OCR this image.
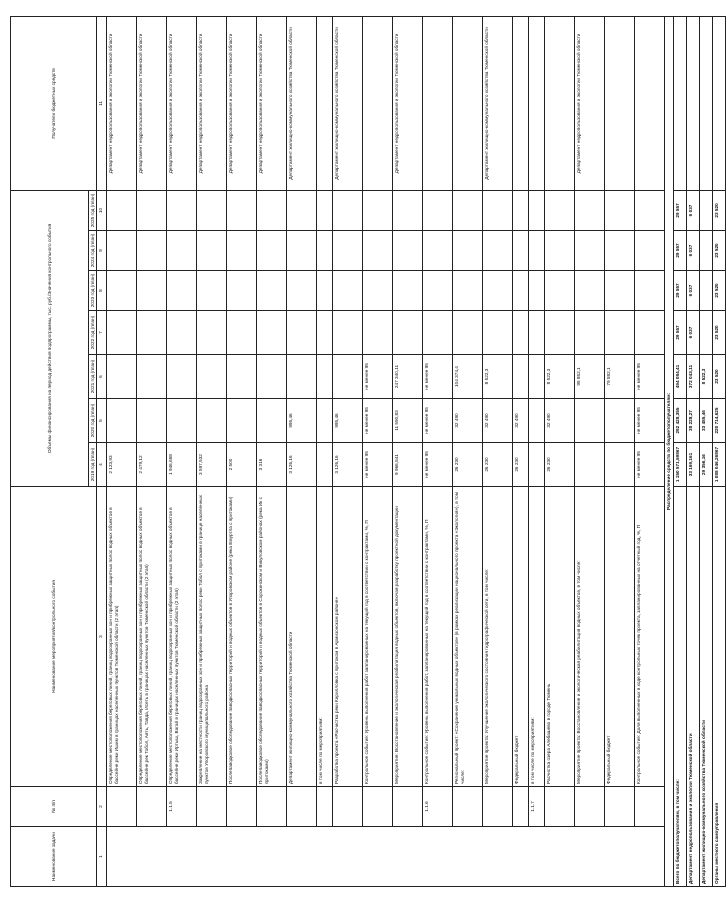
Наименование задачи	№ п/п	Наименование мероприятия/контрольного события	Объемы финансирования на период действия подпрограммы, тыс. руб./Значения контрольного события							Получатели бюджетных средств
			2019 год (план)	2020 год (план)	2021 год (план)	2022 год (план)	2023 год (план)	2024 год (план)	2025 год (план)	
1	2	3	4	5	6	7	8	9	10	11
		Определение местоположения береговых линий, границ водоохранных зон и прибрежных защитных полос водных объектов в бассейне реки Ишим в границах населенных пунктов Тюменской области (2 этап)	2 123,93							Департамент недропользования и экологии Тюменской области
		Определение местоположения береговых линий, границ водоохранных зон и прибрежных защитных полос водных объектов в бассейне рек Тобол, Аять, Тавда, Исеть в границах населенных пунктов Тюменской области (2 этап)	2 479,12							Департамент недропользования и экологии Тюменской области
	1.1.5	Определение местоположения береговых линий, границ водоохранных зон и прибрежных защитных полос водных объектов в бассейне реки Иртыш, Вагай в границах населенных пунктов Тюменской области (2 этап)	1 946,658							Департамент недропользования и экологии Тюменской области
		Закрепление на местности границ водоохранных зон и прибрежных защитных полос реки Тобол с притоками в границе населенных пунктов Упоровского муниципального района	3 597,532							Департамент недропользования и экологии Тюменской области
		Послепаводковое обследование паводкоопасных территорий и водных объектов в Упоровском районе (река Емуртла с притоками)	2 500							Департамент недропользования и экологии Тюменской области
		Послепаводковое обследование паводкоопасных территорий и водных объектов в Сорокинском и Викуловском районах (река Ик с притоками)	3 316							Департамент недропользования и экологии Тюменской области
		Департамент жилищно-коммунального хозяйства Тюменской области	3 126,16	995,46						Департамент жилищно-коммунального хозяйства Тюменской области
		в том числе по мероприятиям:								
		Разработка проекта «Расчистка реки Кирилловка с притоком в Армизонском районе»	3 126,16	995,46						Департамент жилищно-коммунального хозяйства Тюменской области
		Контрольное событие: Уровень выполнения работ запланированных на текущий год в соответствии с контрактами, %, П	не менее 95	не менее 95	не менее 95					
		Мероприятие: Восстановление и экологическая реабилитация водных объектов, включая разработку проектной документации	9 966,541	11 590,83	247 340,11					Департамент недропользования и экологии Тюменской области
	1.1.6	Контрольное событие: Уровень выполнения работ, запланированных на текущий год в соответствии с контрактами, %, П	не менее 95	не менее 95	не менее 95					
		Региональный проект: «Сохранение уникальных водных объектов» (в рамках реализации национального проекта «Экология»), в том числе:	26 230	32 490	104 374,4					
		Мероприятие проекта: Улучшение экологического состояния гидрографической сети, в том числе:	26 230	32 490	8 522,3					Департамент жилищно-коммунального хозяйства Тюменской области
		Федеральный бюджет	26 230	32 490						
	1.1.7	в том числе по мероприятиям:								
		Расчистка озера Алебашево в городе Тюмень	26 230	32 490	8 522,3					
		Мероприятие проекта: Восстановление и экологическая реабилитация водных объектов, в том числе:			95 852,1					Департамент недропользования и экологии Тюменской области
		Федеральный бюджет			79 582,1					
		Контрольное событие: Доля выполненных в ходе контрольных точек проекта, запланированных на отчетный год, %, П	не менее 95	не менее 95	не менее 95					
Распределение средств по бюджетополучателям:										
Всего по бюджетополучателям, в том числе:			1 150 571,59867	292 428,355	494 084,41	29 557	29 557	29 557	29 557	
Департамент недропользования и экологии Тюменской области			33 169,161	38 228,27	372 043,11	6 037	6 037	6 037	6 037	
Департамент жилищно-коммунального хозяйства Тюменской области			29 356,16	33 485,46	8 522,3					
Органы местного самоуправления			1 088 046,26867	220 714,625	23 520	23 520	23 520	23 520	23 520	
